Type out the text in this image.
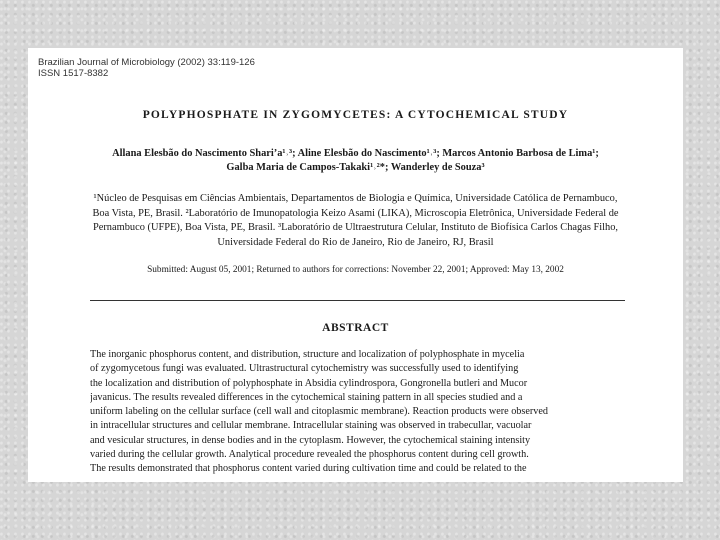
Brazilian Journal of Microbiology (2002) 33:119-126
ISSN 1517-8382
POLYPHOSPHATE IN ZYGOMYCETES: A CYTOCHEMICAL STUDY
Allana Elesbão do Nascimento Shari’a¹˒³; Aline Elesbão do Nascimento¹˒³; Marcos Antonio Barbosa de Lima¹;
Galba Maria de Campos-Takaki¹˒²*; Wanderley de Souza³
¹Núcleo de Pesquisas em Ciências Ambientais, Departamentos de Biologia e Química, Universidade Católica de Pernambuco,
Boa Vista, PE, Brasil. ²Laboratório de Imunopatologia Keizo Asami (LIKA), Microscopia Eletrônica, Universidade Federal de
Pernambuco (UFPE), Boa Vista, PE, Brasil. ³Laboratório de Ultraestrutura Celular, Instituto de Biofísica Carlos Chagas Filho,
Universidade Federal do Rio de Janeiro, Rio de Janeiro, RJ, Brasil
Submitted: August 05, 2001; Returned to authors for corrections: November 22, 2001; Approved: May 13, 2002
ABSTRACT
The inorganic phosphorus content, and distribution, structure and localization of polyphosphate in mycelia
of zygomycetous fungi was evaluated. Ultrastructural cytochemistry was successfully used to identifying
the localization and distribution of polyphosphate in Absidia cylindrospora, Gongronella butleri and Mucor
javanicus. The results revealed differences in the cytochemical staining pattern in all species studied and a
uniform labeling on the cellular surface (cell wall and citoplasmic membrane). Reaction products were observed
in intracellular structures and cellular membrane. Intracellular staining was observed in trabecullar, vacuolar
and vesicular structures, in dense bodies and in the cytoplasm. However, the cytochemical staining intensity
varied during the cellular growth. Analytical procedure revealed the phosphorus content during cell growth.
The results demonstrated that phosphorus content varied during cultivation time and could be related to the
